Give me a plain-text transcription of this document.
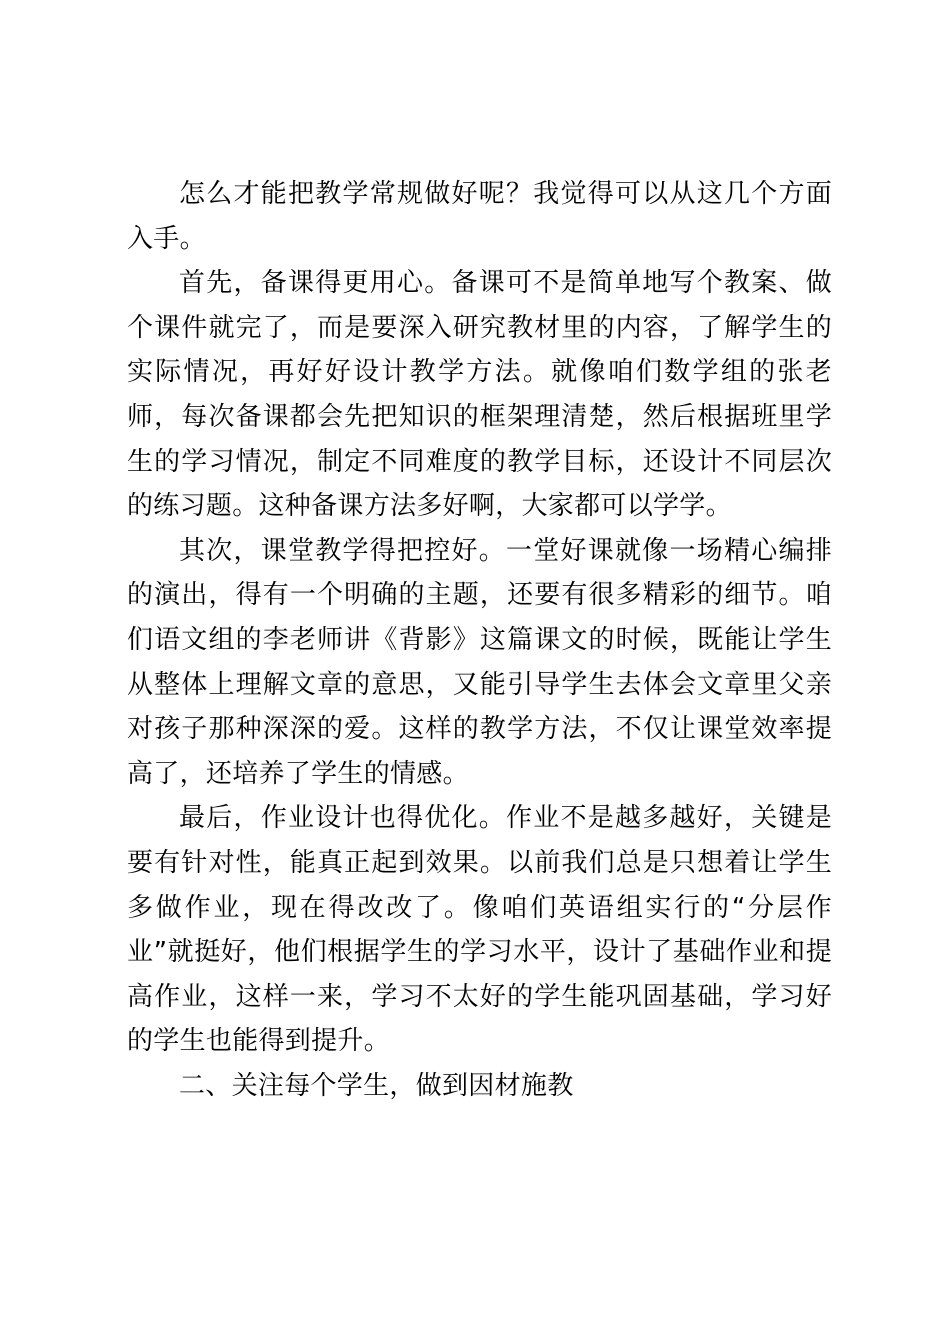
怎么才能把教学常规做好呢？我觉得可以从这几个方面入手。

首先，备课得更用心。备课可不是简单地写个教案、做个课件就完了，而是要深入研究教材里的内容，了解学生的实际情况，再好好设计教学方法。就像咱们数学组的张老师，每次备课都会先把知识的框架理清楚，然后根据班里学生的学习情况，制定不同难度的教学目标，还设计不同层次的练习题。这种备课方法多好啊，大家都可以学学。

其次，课堂教学得把控好。一堂好课就像一场精心编排的演出，得有一个明确的主题，还要有很多精彩的细节。咱们语文组的李老师讲《背影》这篇课文的时候，既能让学生从整体上理解文章的意思，又能引导学生去体会文章里父亲对孩子那种深深的爱。这样的教学方法，不仅让课堂效率提高了，还培养了学生的情感。

最后，作业设计也得优化。作业不是越多越好，关键是要有针对性，能真正起到效果。以前我们总是只想着让学生多做作业，现在得改改了。像咱们英语组实行的“分层作业”就挺好，他们根据学生的学习水平，设计了基础作业和提高作业，这样一来，学习不太好的学生能巩固基础，学习好的学生也能得到提升。

二、关注每个学生，做到因材施教
